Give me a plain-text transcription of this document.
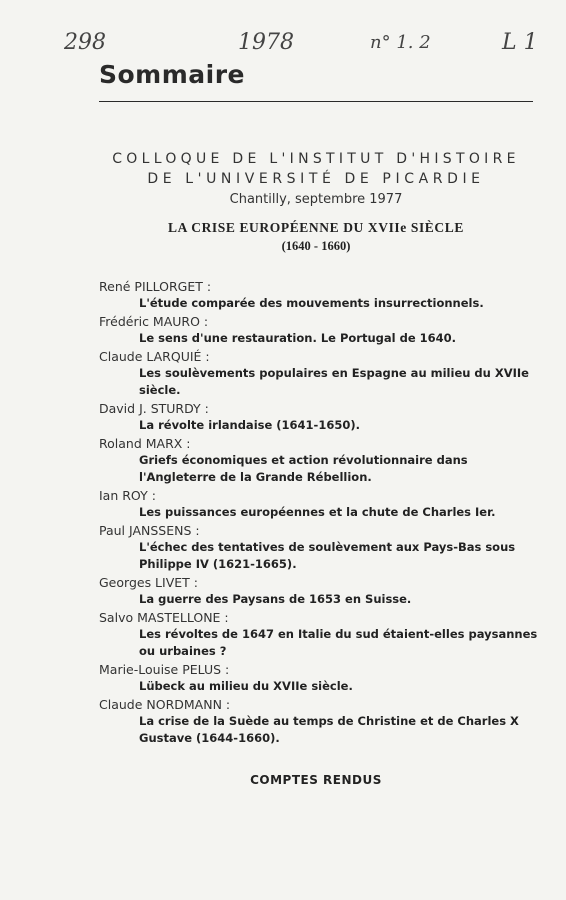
298	1978	n° 1. 2	L 1
Sommaire
COLLOQUE DE L'INSTITUT D'HISTOIRE
DE L'UNIVERSITÉ DE PICARDIE
Chantilly, septembre 1977
LA CRISE EUROPÉENNE DU XVIIe SIÈCLE
(1640 - 1660)
René PILLORGET :
L'étude comparée des mouvements insurrectionnels.
Frédéric MAURO :
Le sens d'une restauration. Le Portugal de 1640.
Claude LARQUIÉ :
Les soulèvements populaires en Espagne au milieu du XVIIe siècle.
David J. STURDY :
La révolte irlandaise (1641-1650).
Roland MARX :
Griefs économiques et action révolutionnaire dans l'Angleterre de la Grande Rébellion.
Ian ROY :
Les puissances européennes et la chute de Charles Ier.
Paul JANSSENS :
L'échec des tentatives de soulèvement aux Pays-Bas sous Philippe IV (1621-1665).
Georges LIVET :
La guerre des Paysans de 1653 en Suisse.
Salvo MASTELLONE :
Les révoltes de 1647 en Italie du sud étaient-elles paysannes ou urbaines ?
Marie-Louise PELUS :
Lübeck au milieu du XVIIe siècle.
Claude NORDMANN :
La crise de la Suède au temps de Christine et de Charles X Gustave (1644-1660).
COMPTES RENDUS
